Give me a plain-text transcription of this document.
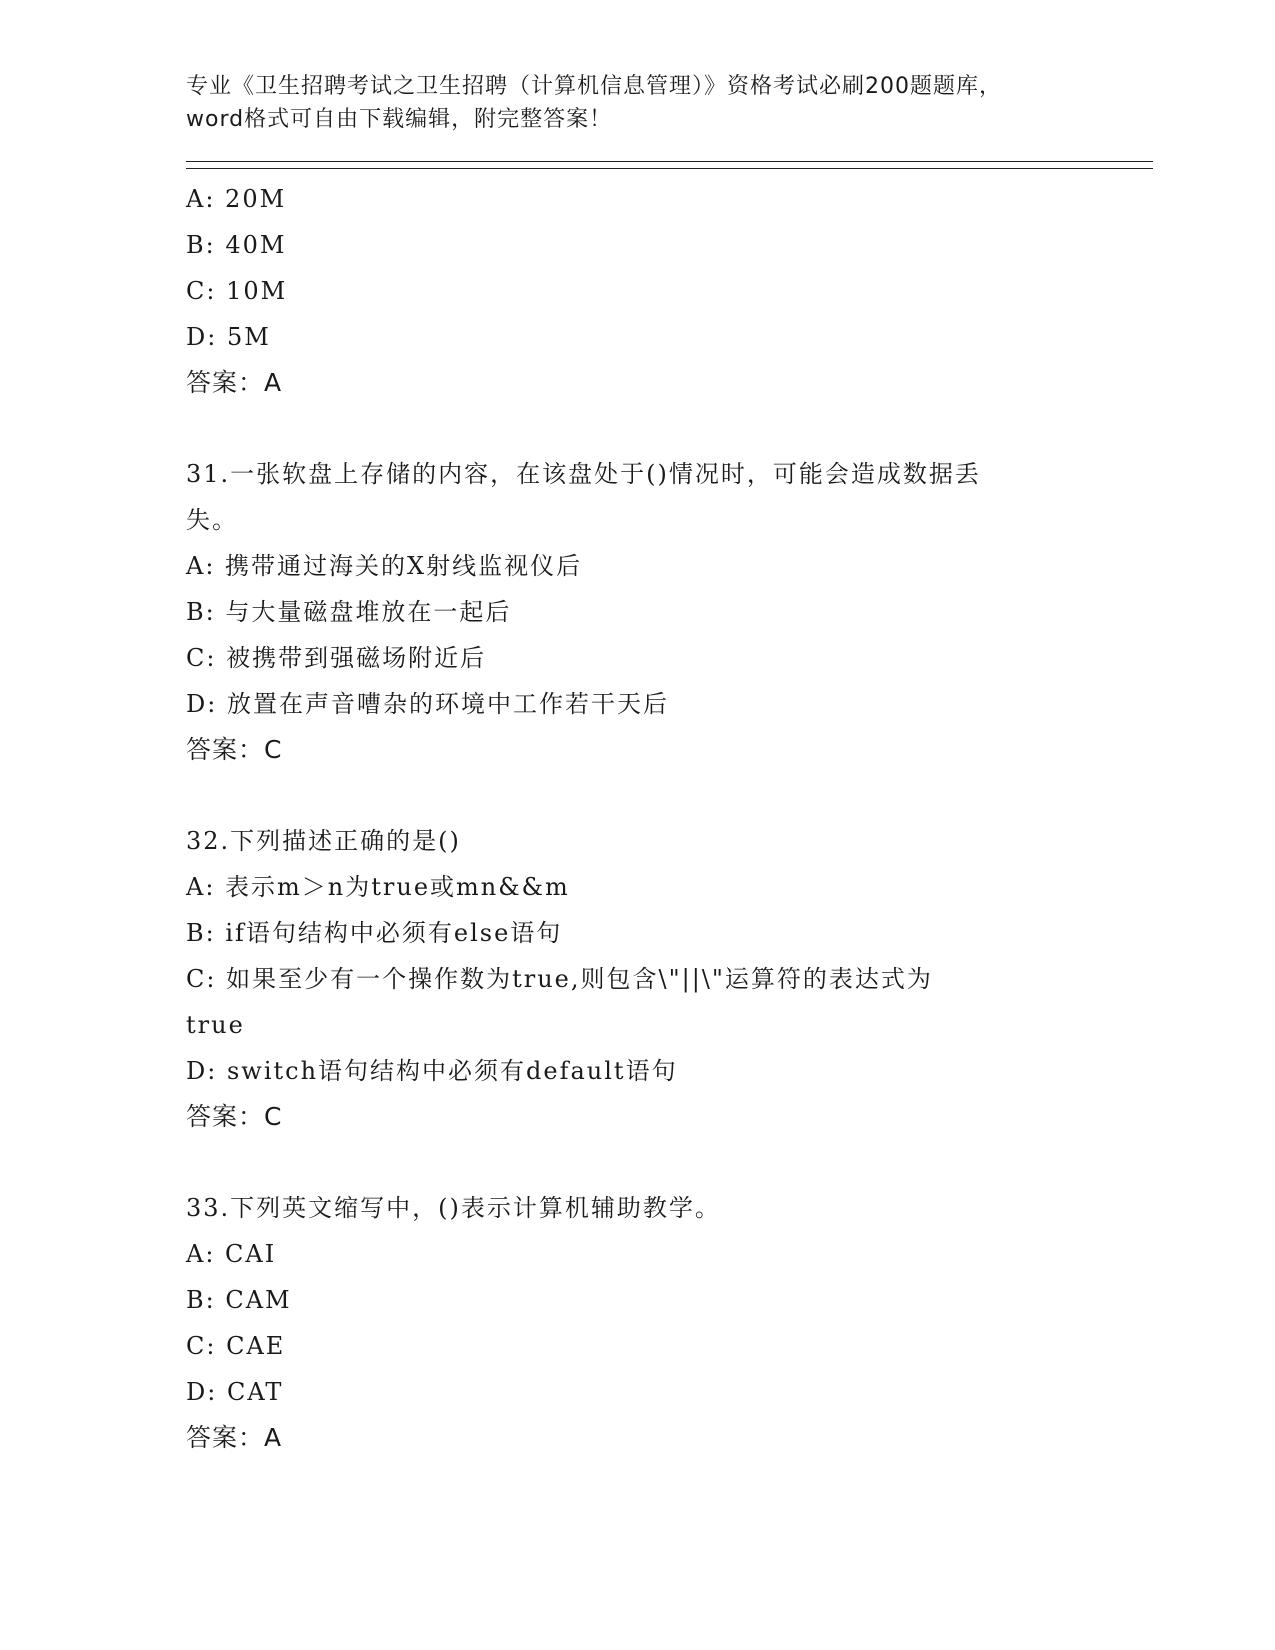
专业《卫生招聘考试之卫生招聘（计算机信息管理）》资格考试必刷200题题库，

word格式可自由下载编辑，附完整答案！

A: 20M

B: 40M

C: 10M

D: 5M

答案：A

31.一张软盘上存储的内容，在该盘处于()情况时，可能会造成数据丢

失。

A: 携带通过海关的X射线监视仪后

B: 与大量磁盘堆放在一起后

C: 被携带到强磁场附近后

D: 放置在声音嘈杂的环境中工作若干天后

答案：C

32.下列描述正确的是()

A: 表示m＞n为true或mn&&m

B: if语句结构中必须有else语句

C: 如果至少有一个操作数为true,则包含\"||\"运算符的表达式为

true

D: switch语句结构中必须有default语句

答案：C

33.下列英文缩写中，()表示计算机辅助教学。

A: CAI

B: CAM

C: CAE

D: CAT

答案：A
